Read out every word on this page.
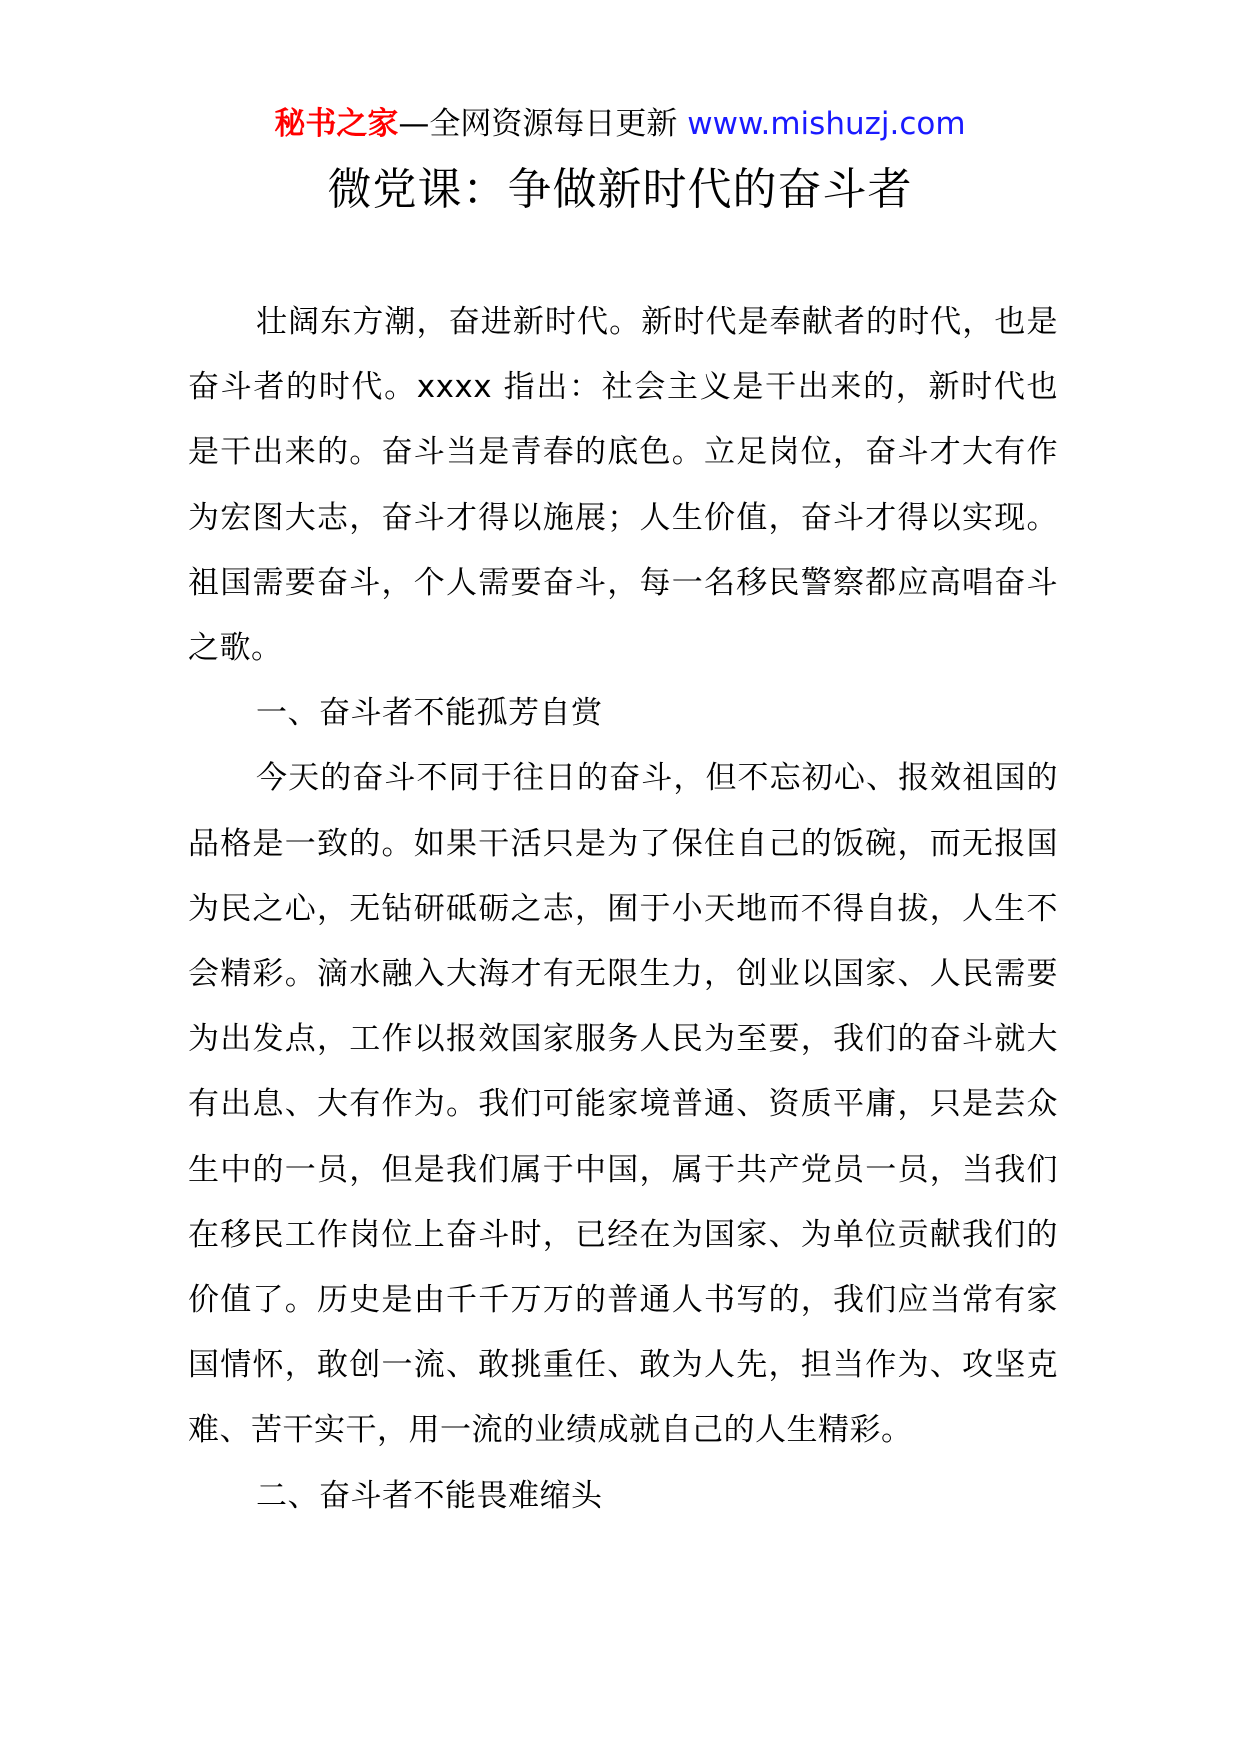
秘书之家—全网资源每日更新 www.mishuzj.com
微党课：争做新时代的奋斗者

壮阔东方潮，奋进新时代。新时代是奉献者的时代，也是奋斗者的时代。xxxx 指出：社会主义是干出来的，新时代也是干出来的。奋斗当是青春的底色。立足岗位，奋斗才大有作为宏图大志，奋斗才得以施展；人生价值，奋斗才得以实现。祖国需要奋斗，个人需要奋斗，每一名移民警察都应高唱奋斗之歌。

一、奋斗者不能孤芳自赏

今天的奋斗不同于往日的奋斗，但不忘初心、报效祖国的品格是一致的。如果干活只是为了保住自己的饭碗，而无报国为民之心，无钻研砥砺之志，囿于小天地而不得自拔，人生不会精彩。滴水融入大海才有无限生力，创业以国家、人民需要为出发点，工作以报效国家服务人民为至要，我们的奋斗就大有出息、大有作为。我们可能家境普通、资质平庸，只是芸众生中的一员，但是我们属于中国，属于共产党员一员，当我们在移民工作岗位上奋斗时，已经在为国家、为单位贡献我们的价值了。历史是由千千万万的普通人书写的，我们应当常有家国情怀，敢创一流、敢挑重任、敢为人先，担当作为、攻坚克难、苦干实干，用一流的业绩成就自己的人生精彩。

二、奋斗者不能畏难缩头
